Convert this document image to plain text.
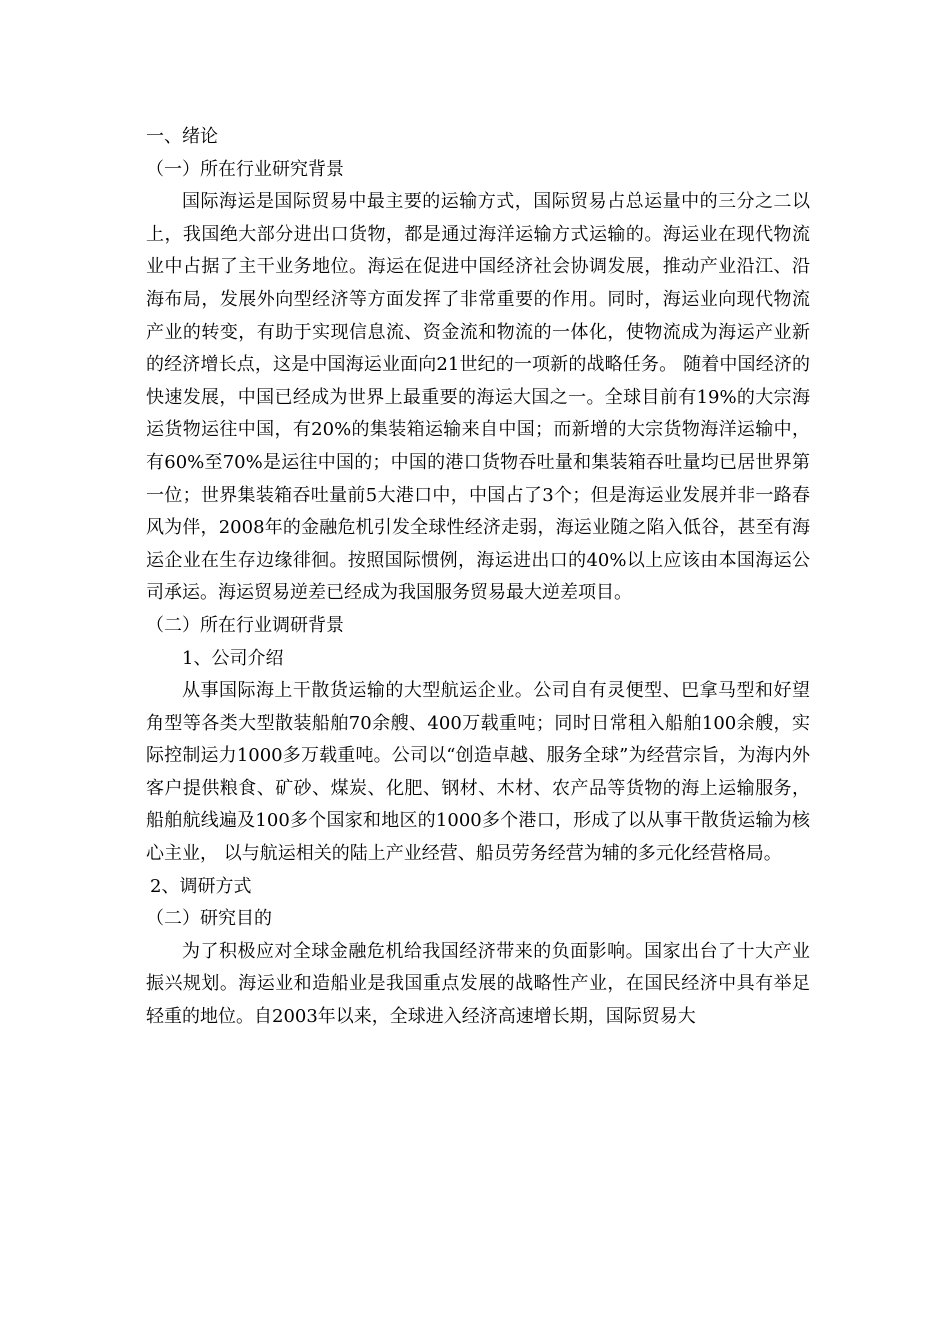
一、绪论
（一）所在行业研究背景

国际海运是国际贸易中最主要的运输方式，国际贸易占总运量中的三分之二以上，我国绝大部分进出口货物，都是通过海洋运输方式运输的。海运业在现代物流业中占据了主干业务地位。海运在促进中国经济社会协调发展，推动产业沿江、沿海布局，发展外向型经济等方面发挥了非常重要的作用。同时，海运业向现代物流产业的转变，有助于实现信息流、资金流和物流的一体化，使物流成为海运产业新的经济增长点，这是中国海运业面向21世纪的一项新的战略任务。 随着中国经济的快速发展，中国已经成为世界上最重要的海运大国之一。全球目前有19%的大宗海运货物运往中国，有20%的集装箱运输来自中国；而新增的大宗货物海洋运输中，有60%至70%是运往中国的；中国的港口货物吞吐量和集装箱吞吐量均已居世界第一位；世界集装箱吞吐量前5大港口中，中国占了3个；但是海运业发展并非一路春风为伴，2008年的金融危机引发全球性经济走弱，海运业随之陷入低谷，甚至有海运企业在生存边缘徘徊。按照国际惯例，海运进出口的40%以上应该由本国海运公司承运。海运贸易逆差已经成为我国服务贸易最大逆差项目。

（二）所在行业调研背景
1、公司介绍

从事国际海上干散货运输的大型航运企业。公司自有灵便型、巴拿马型和好望角型等各类大型散装船舶70余艘、400万载重吨；同时日常租入船舶100余艘，实际控制运力1000多万载重吨。公司以“创造卓越、服务全球”为经营宗旨，为海内外客户提供粮食、矿砂、煤炭、化肥、钢材、木材、农产品等货物的海上运输服务，船舶航线遍及100多个国家和地区的1000多个港口，形成了以从事干散货运输为核心主业， 以与航运相关的陆上产业经营、船员劳务经营为辅的多元化经营格局。

2、调研方式
（二）研究目的

为了积极应对全球金融危机给我国经济带来的负面影响。国家出台了十大产业振兴规划。海运业和造船业是我国重点发展的战略性产业，在国民经济中具有举足轻重的地位。自2003年以来，全球进入经济高速增长期，国际贸易大
